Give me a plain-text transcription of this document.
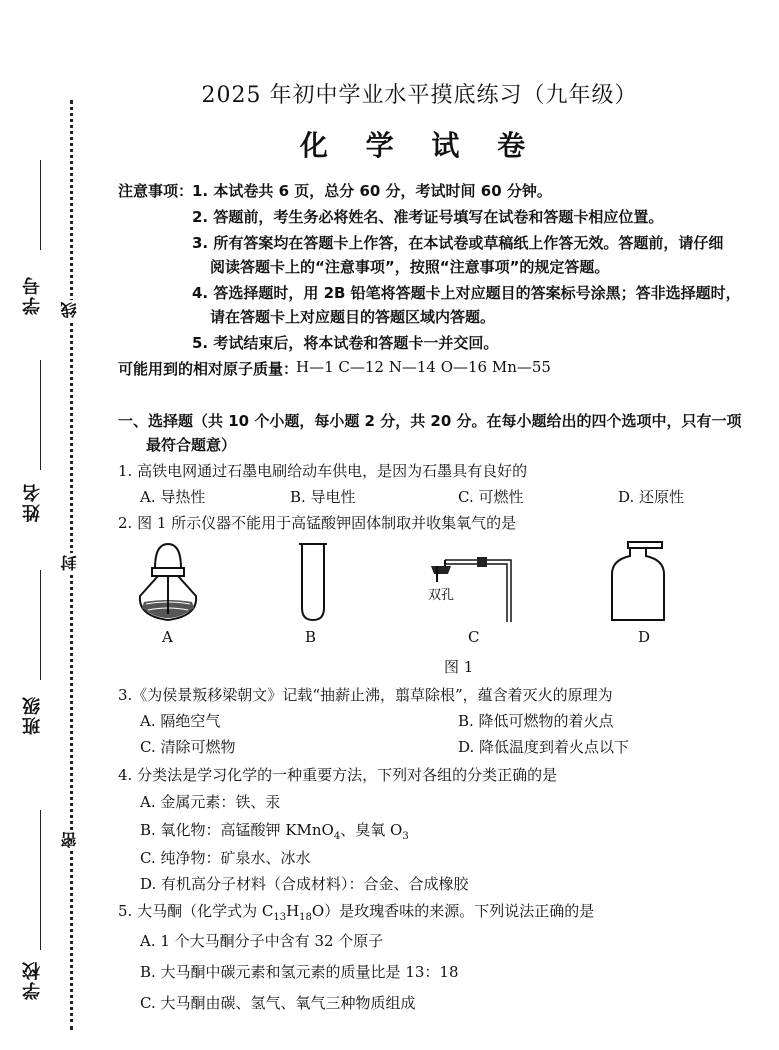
学号
姓名
班级
学校
线
封
密
2025 年初中学业水平摸底练习（九年级）
化 学 试 卷
注意事项：
1. 本试卷共 6 页，总分 60 分，考试时间 60 分钟。
2. 答题前，考生务必将姓名、准考证号填写在试卷和答题卡相应位置。
3. 所有答案均在答题卡上作答，在本试卷或草稿纸上作答无效。答题前，请仔细
阅读答题卡上的“注意事项”，按照“注意事项”的规定答题。
4. 答选择题时，用 2B 铅笔将答题卡上对应题目的答案标号涂黑；答非选择题时，
请在答题卡上对应题目的答题区域内答题。
5. 考试结束后，将本试卷和答题卡一并交回。
可能用到的相对原子质量：
H—1 C—12 N—14 O—16 Mn—55
一、选择题（共 10 个小题，每小题 2 分，共 20 分。在每小题给出的四个选项中，只有一项
最符合题意）
1. 高铁电网通过石墨电刷给动车供电，是因为石墨具有良好的
A. 导热性	B. 导电性	C. 可燃性	D. 还原性
2. 图 1 所示仪器不能用于高锰酸钾固体制取并收集氧气的是
A	B
双孔
C	D
图 1
3.《为侯景叛移梁朝文》记载“抽薪止沸，翦草除根”，蕴含着灭火的原理为
A. 隔绝空气	B. 降低可燃物的着火点
C. 清除可燃物	D. 降低温度到着火点以下
4. 分类法是学习化学的一种重要方法，下列对各组的分类正确的是
A. 金属元素：铁、汞
B. 氧化物：高锰酸钾 KMnO$_4$、臭氧 $O_3$
C. 纯净物：矿泉水、冰水
D. 有机高分子材料（合成材料）：合金、合成橡胶
5. 大马酮（化学式为 $C_{13}H_{18}O$）是玫瑰香味的来源。下列说法正确的是
A. 1 个大马酮分子中含有 32 个原子
B. 大马酮中碳元素和氢元素的质量比是 13：18
C. 大马酮由碳、氢气、氧气三种物质组成
